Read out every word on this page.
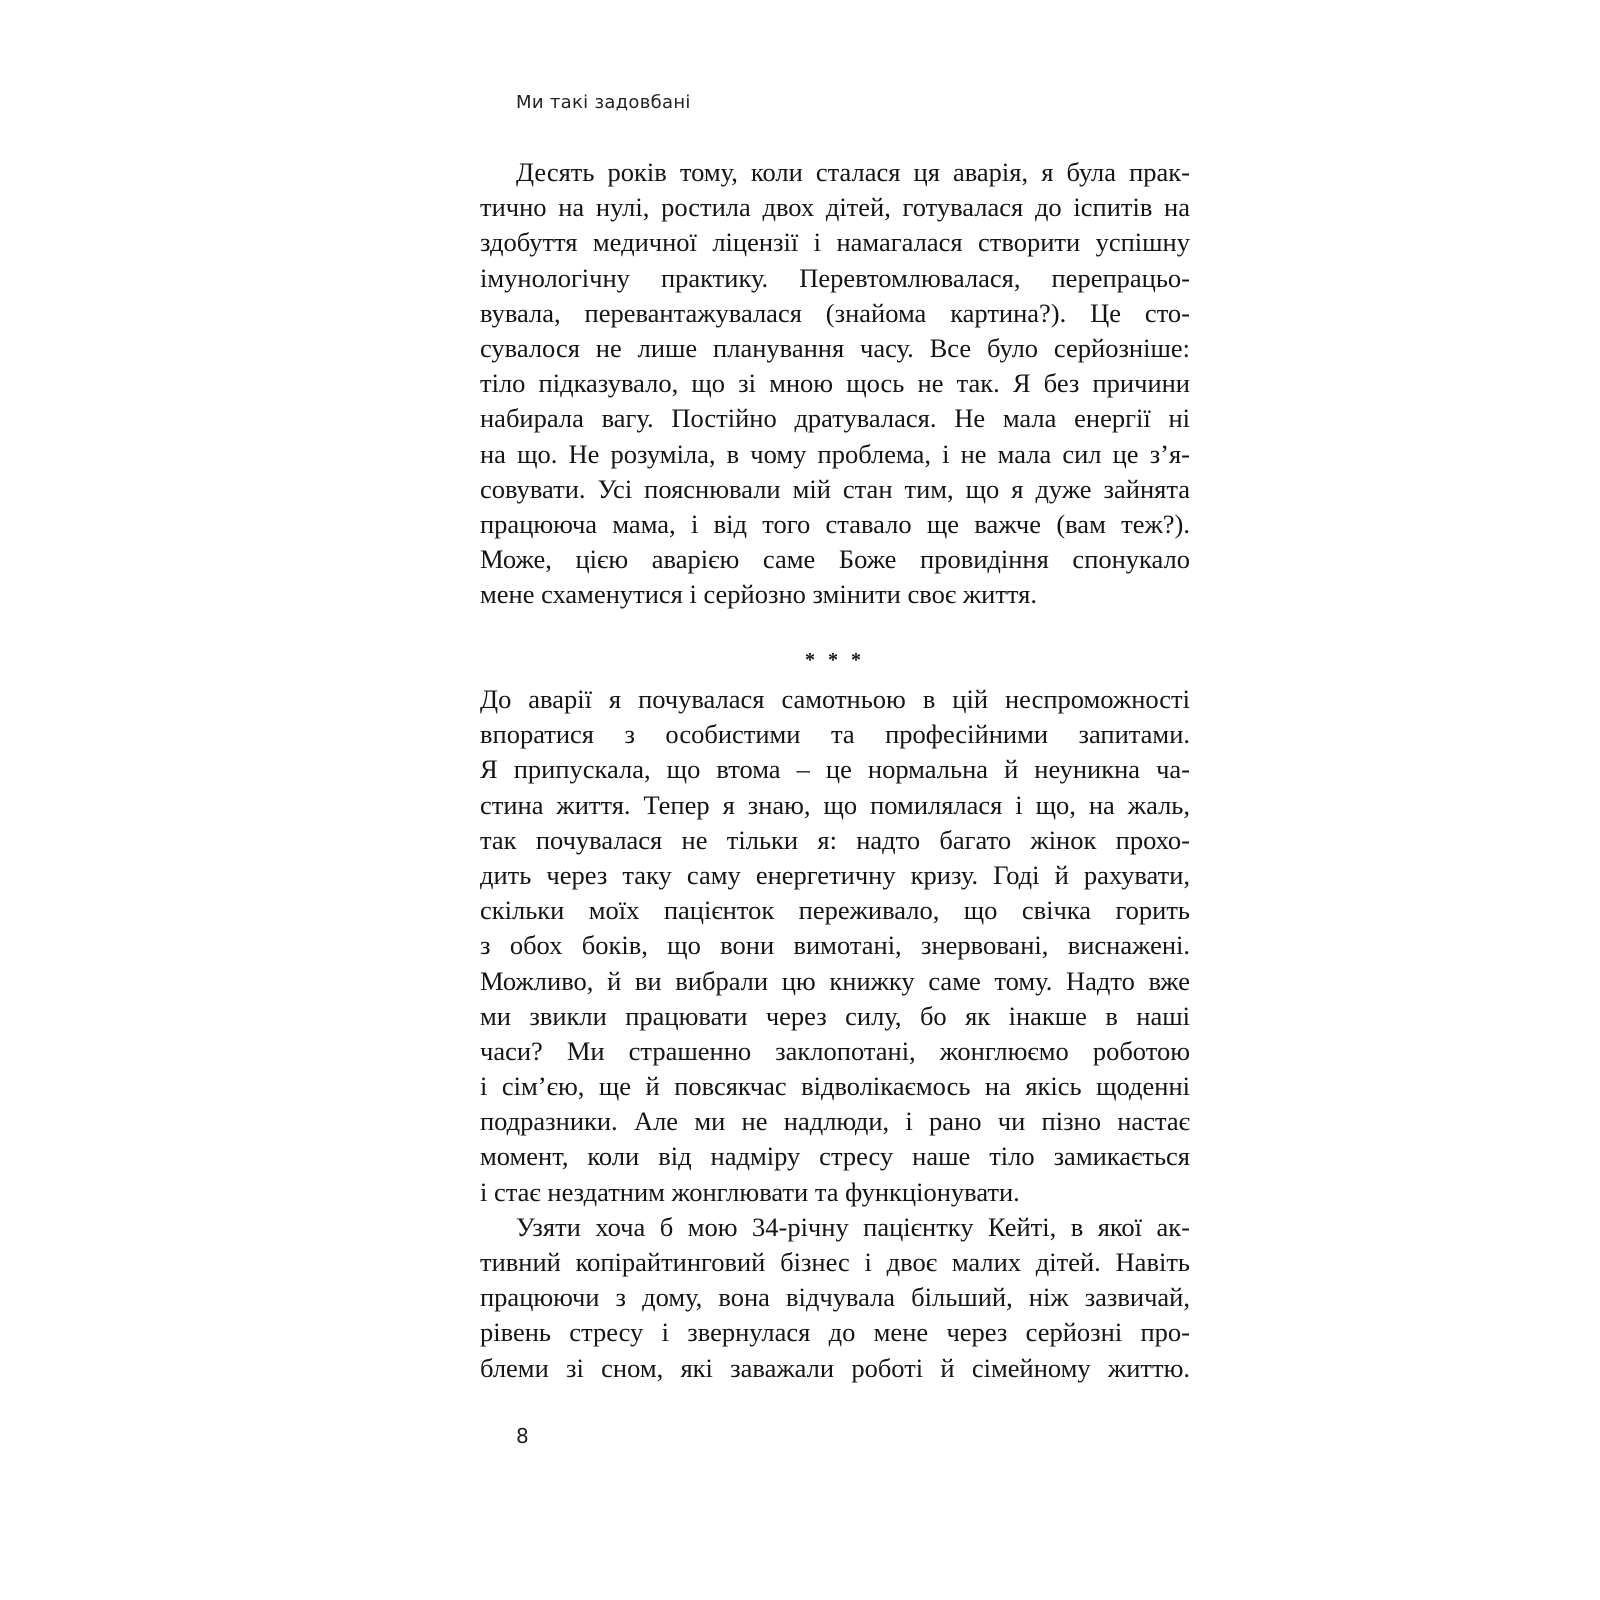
Ми такі задовбані
Десять років тому, коли сталася ця аварія, я була прак-
тично на нулі, ростила двох дітей, готувалася до іспитів на
здобуття медичної ліцензії і намагалася створити успішну
імунологічну практику. Перевтомлювалася, перепрацьо-
вувала, перевантажувалася (знайома картина?). Це сто-
сувалося не лише планування часу. Все було серйозніше:
тіло підказувало, що зі мною щось не так. Я без причини
набирала вагу. Постійно дратувалася. Не мала енергії ні
на що. Не розуміла, в чому проблема, і не мала сил це з’я-
совувати. Усі пояснювали мій стан тим, що я дуже зайнята
працююча мама, і від того ставало ще важче (вам теж?).
Може, цією аварією саме Боже провидіння спонукало
мене схаменутися і серйозно змінити своє життя.
* * *
До аварії я почувалася самотньою в цій неспроможності
впоратися з особистими та професійними запитами.
Я припускала, що втома – це нормальна й неуникна ча-
стина життя. Тепер я знаю, що помилялася і що, на жаль,
так почувалася не тільки я: надто багато жінок прохо-
дить через таку саму енергетичну кризу. Годі й рахувати,
скільки моїх пацієнток переживало, що свічка горить
з обох боків, що вони вимотані, знервовані, виснажені.
Можливо, й ви вибрали цю книжку саме тому. Надто вже
ми звикли працювати через силу, бо як інакше в наші
часи? Ми страшенно заклопотані, жонглюємо роботою
і сім’єю, ще й повсякчас відволікаємось на якісь щоденні
подразники. Але ми не надлюди, і рано чи пізно настає
момент, коли від надміру стресу наше тіло замикається
і стає нездатним жонглювати та функціонувати.
Узяти хоча б мою 34-річну пацієнтку Кейті, в якої ак-
тивний копірайтинговий бізнес і двоє малих дітей. Навіть
працюючи з дому, вона відчувала більший, ніж зазвичай,
рівень стресу і звернулася до мене через серйозні про-
блеми зі сном, які заважали роботі й сімейному життю.
8
